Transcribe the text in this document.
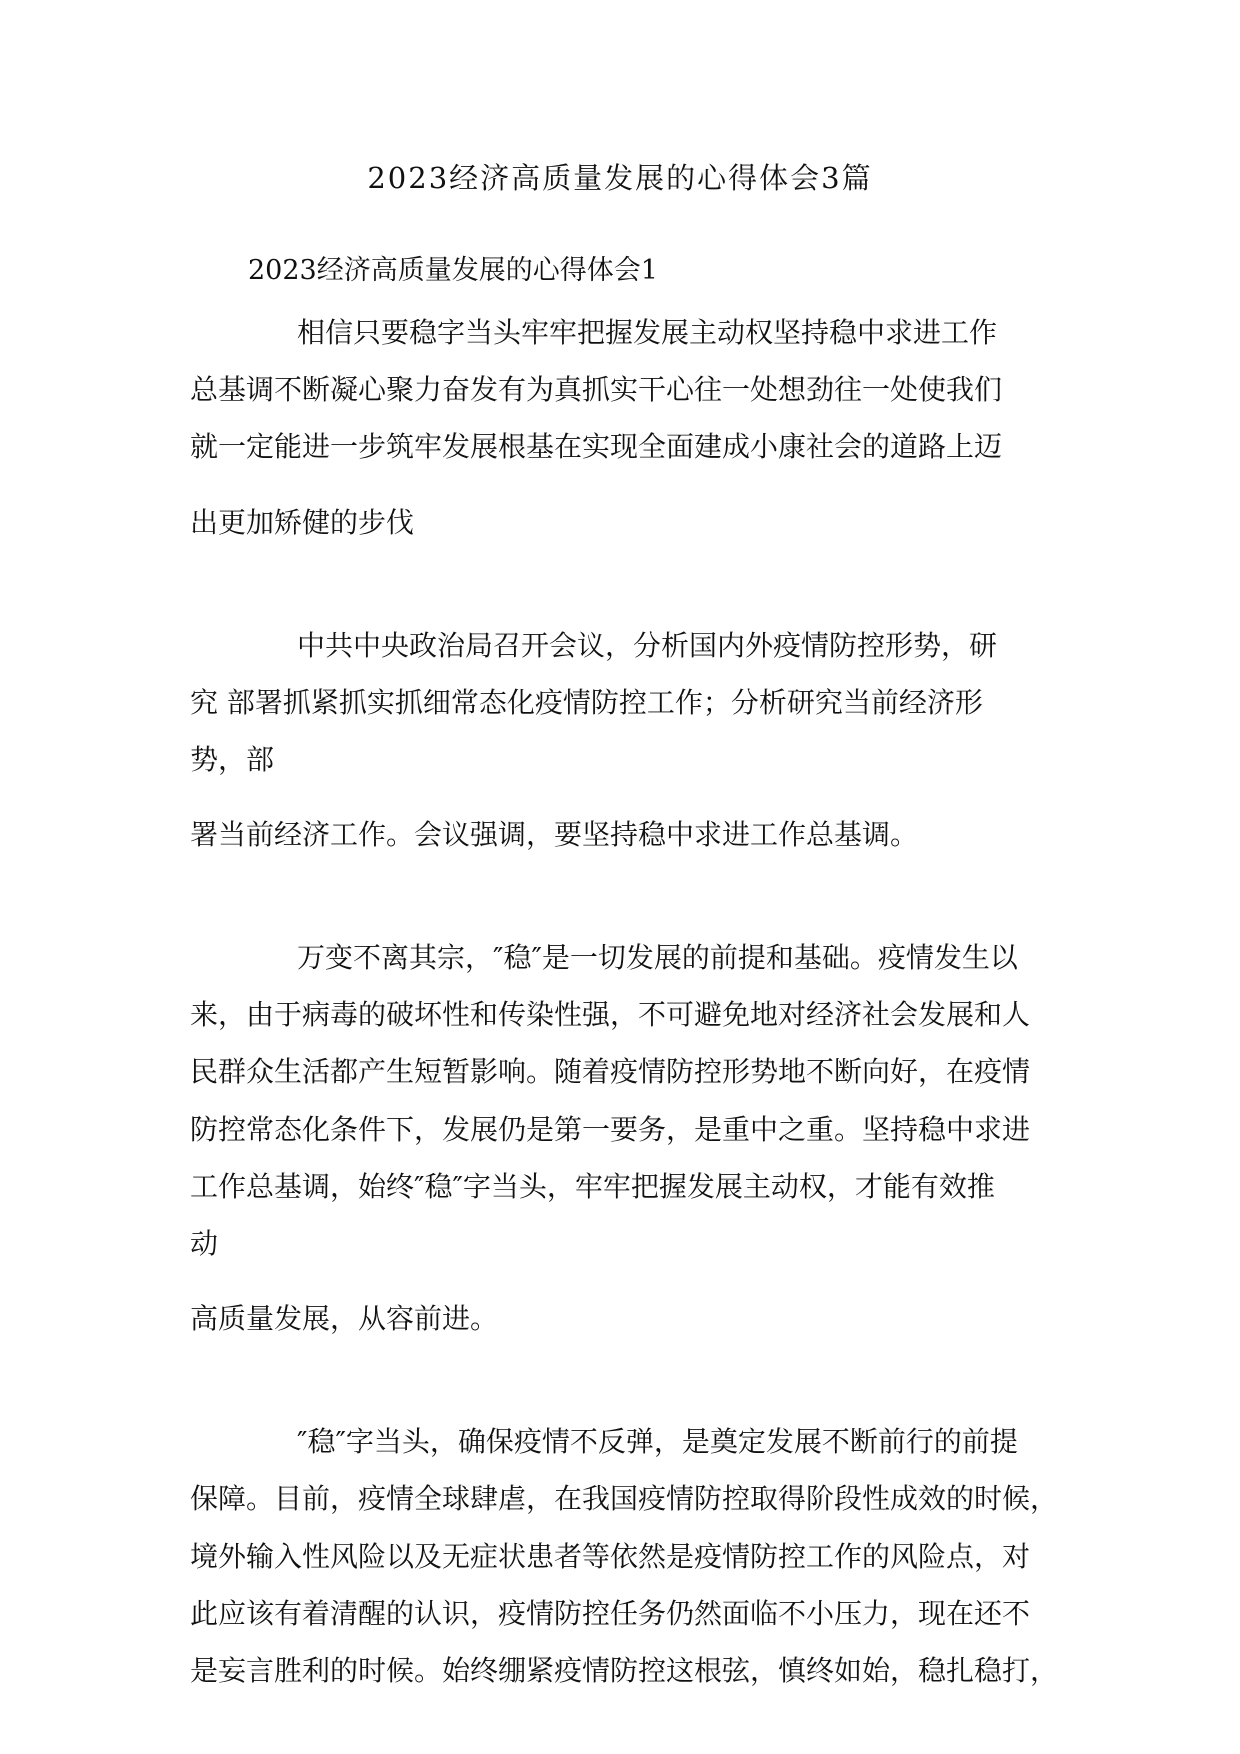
2023经济高质量发展的心得体会3篇
2023经济高质量发展的心得体会1

相信只要稳字当头牢牢把握发展主动权坚持稳中求进工作

总基调不断凝心聚力奋发有为真抓实干心往一处想劲往一处使我们

就一定能进一步筑牢发展根基在实现全面建成小康社会的道路上迈

出更加矫健的步伐

中共中央政治局召开会议，分析国内外疫情防控形势，研

究 部署抓紧抓实抓细常态化疫情防控工作；分析研究当前经济形

势，部

署当前经济工作。会议强调，要坚持稳中求进工作总基调。

万变不离其宗，″稳″是一切发展的前提和基础。疫情发生以

来，由于病毒的破坏性和传染性强，不可避免地对经济社会发展和人

民群众生活都产生短暂影响。随着疫情防控形势地不断向好，在疫情

防控常态化条件下，发展仍是第一要务，是重中之重。坚持稳中求进

工作总基调，始终″稳″字当头，牢牢把握发展主动权，才能有效推

动

高质量发展，从容前进。

″稳″字当头，确保疫情不反弹，是奠定发展不断前行的前提

保障。目前，疫情全球肆虐，在我国疫情防控取得阶段性成效的时候，

境外输入性风险以及无症状患者等依然是疫情防控工作的风险点，对

此应该有着清醒的认识，疫情防控任务仍然面临不小压力，现在还不

是妄言胜利的时候。始终绷紧疫情防控这根弦，慎终如始，稳扎稳打，
